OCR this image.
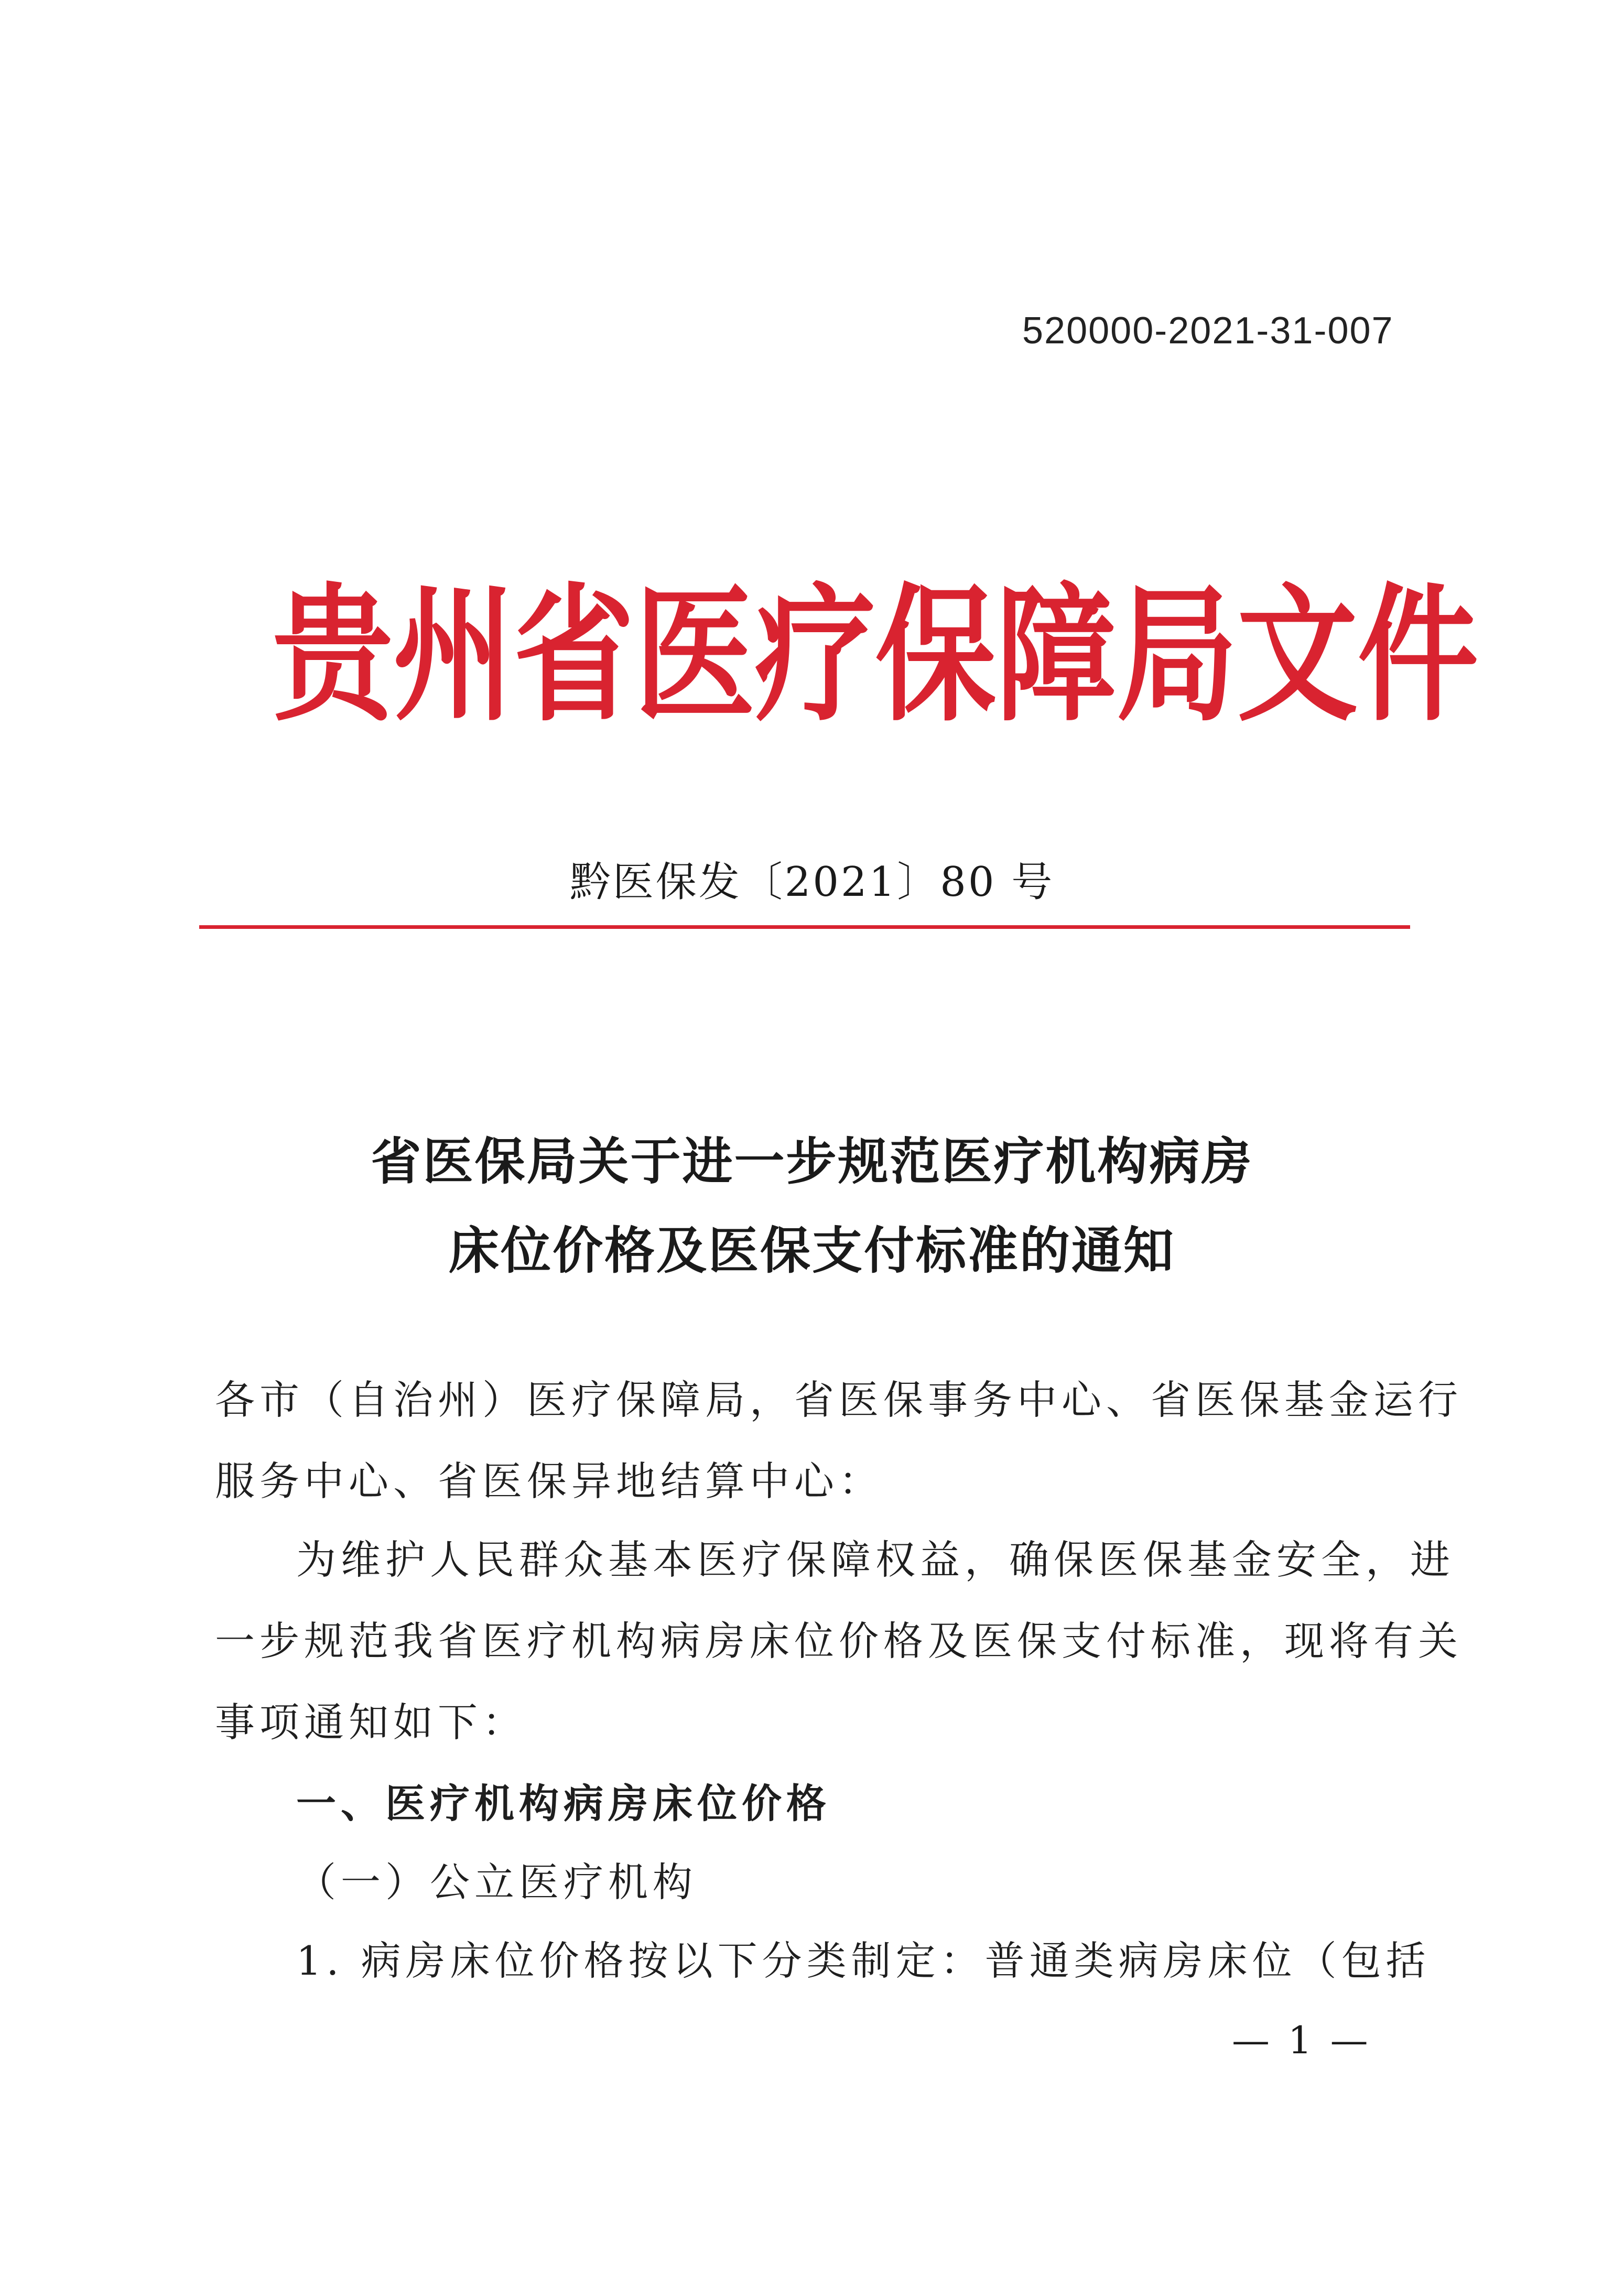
520000-2021-31-007
贵州省医疗保障局文件
黔医保发〔2021〕80 号
省医保局关于进一步规范医疗机构病房
床位价格及医保支付标准的通知
各市（自治州）医疗保障局，省医保事务中心、省医保基金运行
服务中心、省医保异地结算中心：
为维护人民群众基本医疗保障权益，确保医保基金安全，进
一步规范我省医疗机构病房床位价格及医保支付标准，现将有关
事项通知如下：
一、医疗机构病房床位价格
（一）公立医疗机构
1. 病房床位价格按以下分类制定：普通类病房床位（包括
— 1 —
